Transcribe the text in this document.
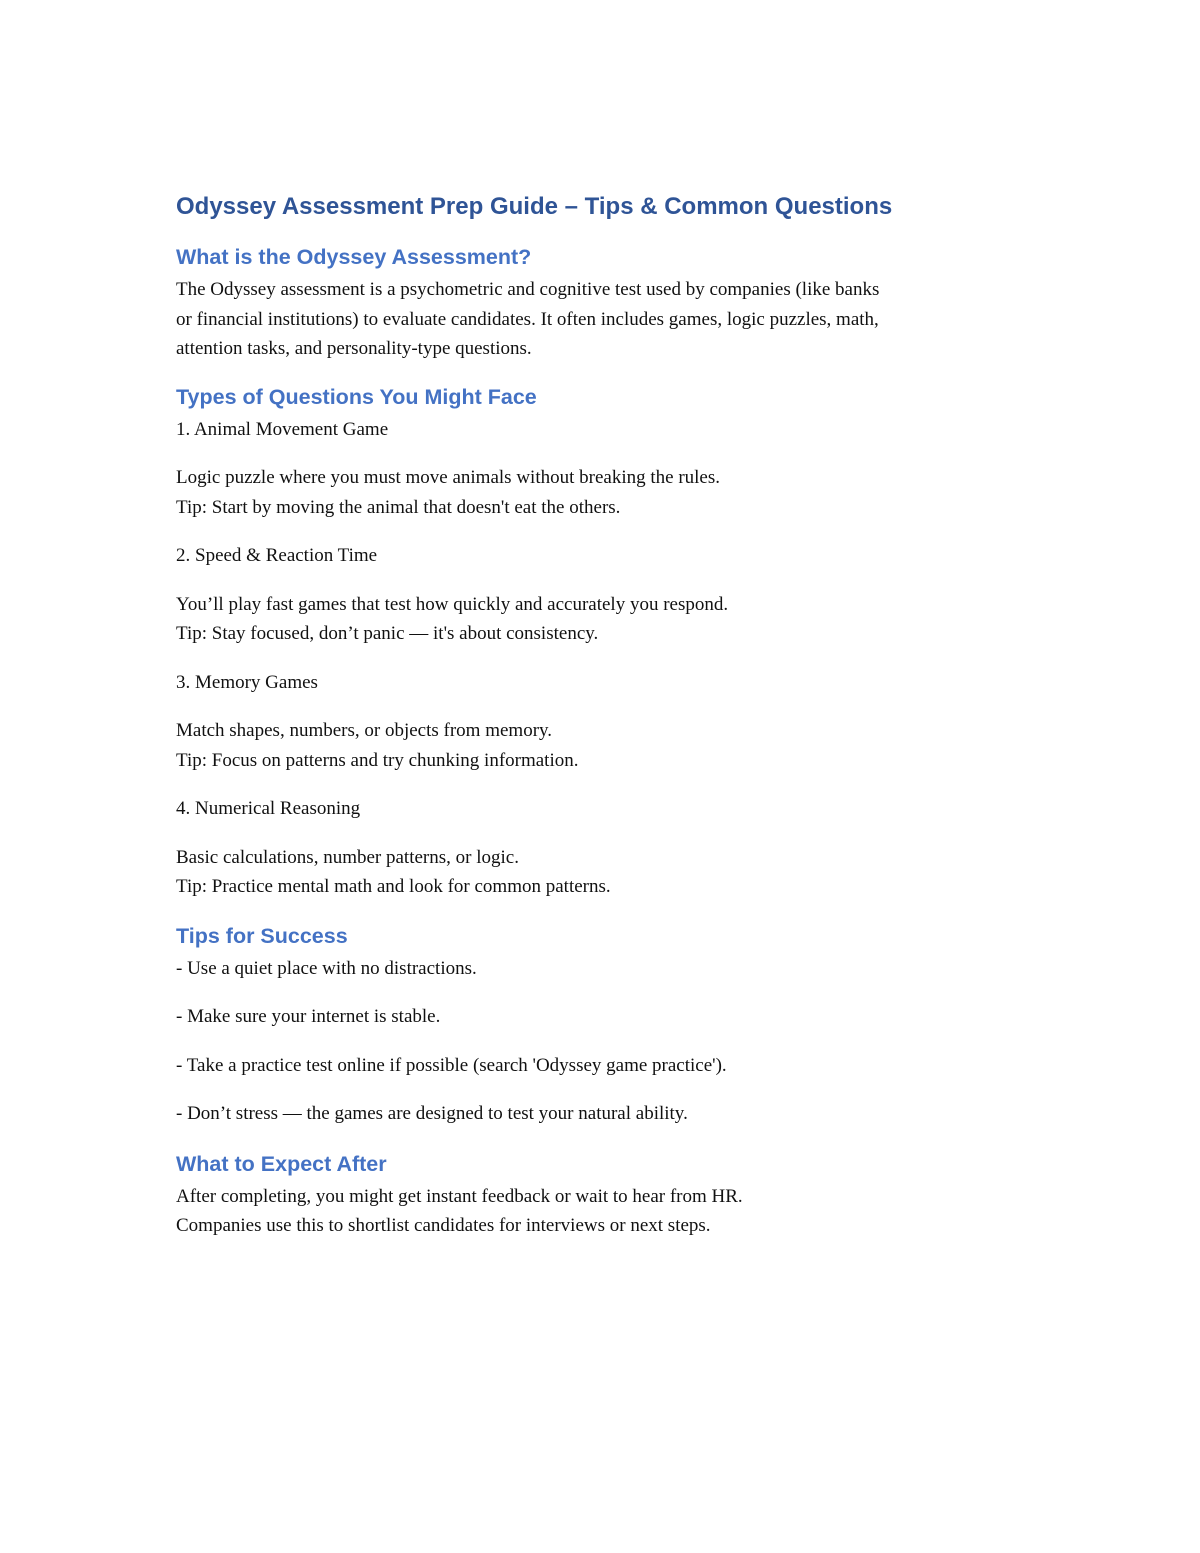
Odyssey Assessment Prep Guide – Tips & Common Questions
What is the Odyssey Assessment?

The Odyssey assessment is a psychometric and cognitive test used by companies (like banks

or financial institutions) to evaluate candidates. It often includes games, logic puzzles, math,

attention tasks, and personality-type questions.

Types of Questions You Might Face

1. Animal Movement Game

Logic puzzle where you must move animals without breaking the rules.

Tip: Start by moving the animal that doesn't eat the others.

2. Speed & Reaction Time

You’ll play fast games that test how quickly and accurately you respond.

Tip: Stay focused, don’t panic — it's about consistency.

3. Memory Games

Match shapes, numbers, or objects from memory.

Tip: Focus on patterns and try chunking information.

4. Numerical Reasoning

Basic calculations, number patterns, or logic.

Tip: Practice mental math and look for common patterns.

Tips for Success

- Use a quiet place with no distractions.

- Make sure your internet is stable.

- Take a practice test online if possible (search 'Odyssey game practice').

- Don’t stress — the games are designed to test your natural ability.

What to Expect After

After completing, you might get instant feedback or wait to hear from HR.

Companies use this to shortlist candidates for interviews or next steps.
